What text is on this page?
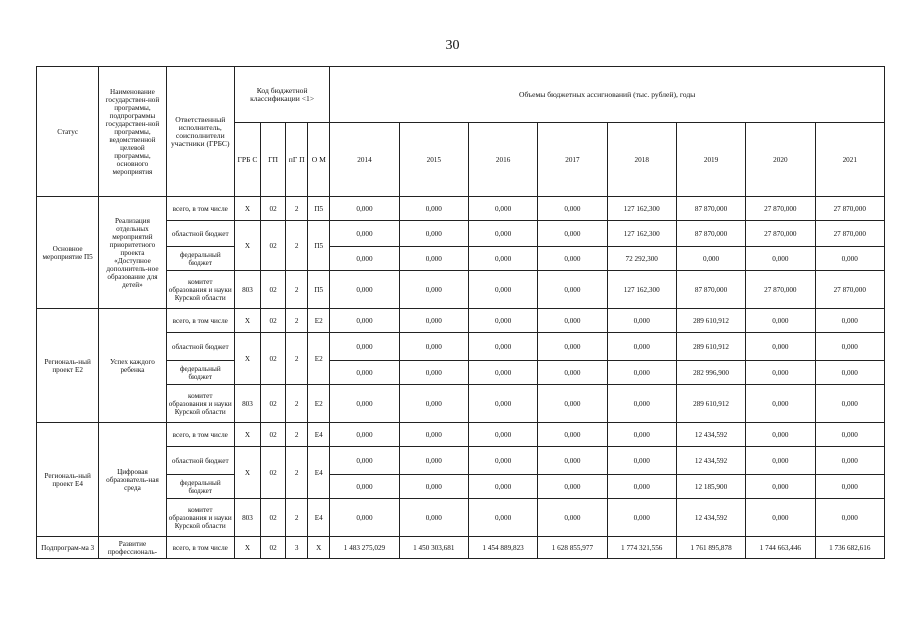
30
Статус	Наименование государствен-ной программы, подпрограммы государствен-ной программы, ведомственной целевой программы, основного мероприятия	Ответственный исполнитель, соисполнители участники (ГРБС)	Код бюджетной классификации <1>				Объемы бюджетных ассигнований (тыс. рублей), годы							
			ГРБ С	ГП	пГ П	О М	2014	2015	2016	2017	2018	2019	2020	2021
Основное мероприятие П5	Реализация отдельных мероприятий приоритетного проекта «Доступное дополнитель-ное образование для детей»	всего, в том числе	Х	02	2	П5	0,000	0,000	0,000	0,000	127 162,300	87 870,000	27 870,000	27 870,000
		областной бюджет	Х	02	2	П5	0,000	0,000	0,000	0,000	127 162,300	87 870,000	27 870,000	27 870,000
		федеральный бюджет					0,000	0,000	0,000	0,000	72 292,300	0,000	0,000	0,000
		комитет образования и науки Курской области	803	02	2	П5	0,000	0,000	0,000	0,000	127 162,300	87 870,000	27 870,000	27 870,000
Региональ-ный проект Е2	Успех каждого ребенка	всего, в том числе	Х	02	2	Е2	0,000	0,000	0,000	0,000	0,000	289 610,912	0,000	0,000
		областной бюджет	Х	02	2	Е2	0,000	0,000	0,000	0,000	0,000	289 610,912	0,000	0,000
		федеральный бюджет					0,000	0,000	0,000	0,000	0,000	282 996,900	0,000	0,000
		комитет образования и науки Курской области	803	02	2	Е2	0,000	0,000	0,000	0,000	0,000	289 610,912	0,000	0,000
Региональ-ный проект Е4	Цифровая образователь-ная среда	всего, в том числе	Х	02	2	Е4	0,000	0,000	0,000	0,000	0,000	12 434,592	0,000	0,000
		областной бюджет	Х	02	2	Е4	0,000	0,000	0,000	0,000	0,000	12 434,592	0,000	0,000
		федеральный бюджет					0,000	0,000	0,000	0,000	0,000	12 185,900	0,000	0,000
		комитет образования и науки Курской области	803	02	2	Е4	0,000	0,000	0,000	0,000	0,000	12 434,592	0,000	0,000
Подпрограм-ма 3	Развитие профессиональ-	всего, в том числе	Х	02	3	Х	1 483 275,029	1 450 303,681	1 454 889,823	1 628 855,977	1 774 321,556	1 761 895,878	1 744 663,446	1 736 682,616
